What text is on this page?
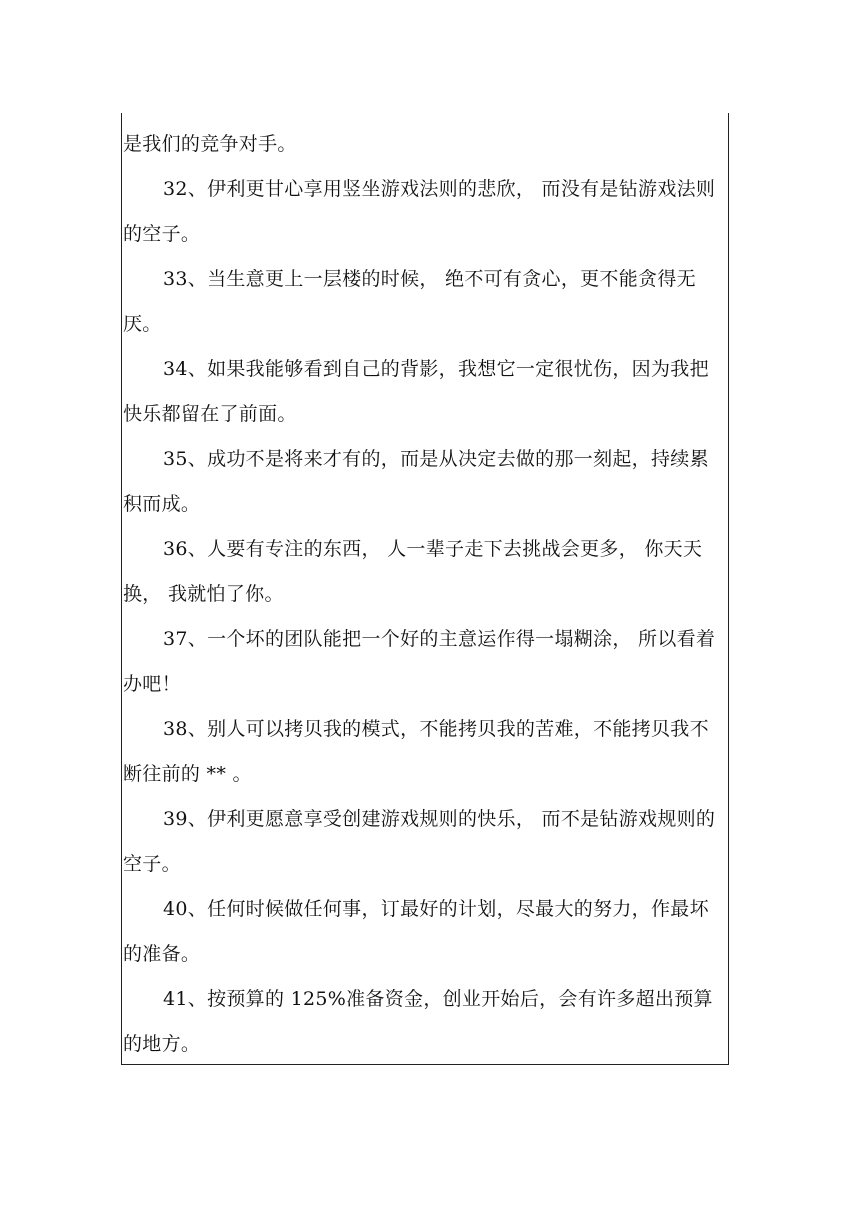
是我们的竞争对手。

32、伊利更甘心享用竖坐游戏法则的悲欣， 而没有是钻游戏法则 的空子。

33、当生意更上一层楼的时候， 绝不可有贪心，更不能贪得无厌。

34、如果我能够看到自己的背影，我想它一定很忧伤，因为我把快乐都留在了前面。

35、成功不是将来才有的，而是从决定去做的那一刻起，持续累积而成。

36、人要有专注的东西， 人一辈子走下去挑战会更多， 你天天换， 我就怕了你。

37、一个坏的团队能把一个好的主意运作得一塌糊涂， 所以看着 办吧！

38、别人可以拷贝我的模式，不能拷贝我的苦难，不能拷贝我不断往前的 ** 。

39、伊利更愿意享受创建游戏规则的快乐， 而不是钻游戏规则的 空子。

40、任何时候做任何事，订最好的计划，尽最大的努力，作最坏的准备。

41、按预算的 125%准备资金，创业开始后，会有许多超出预算的地方。
